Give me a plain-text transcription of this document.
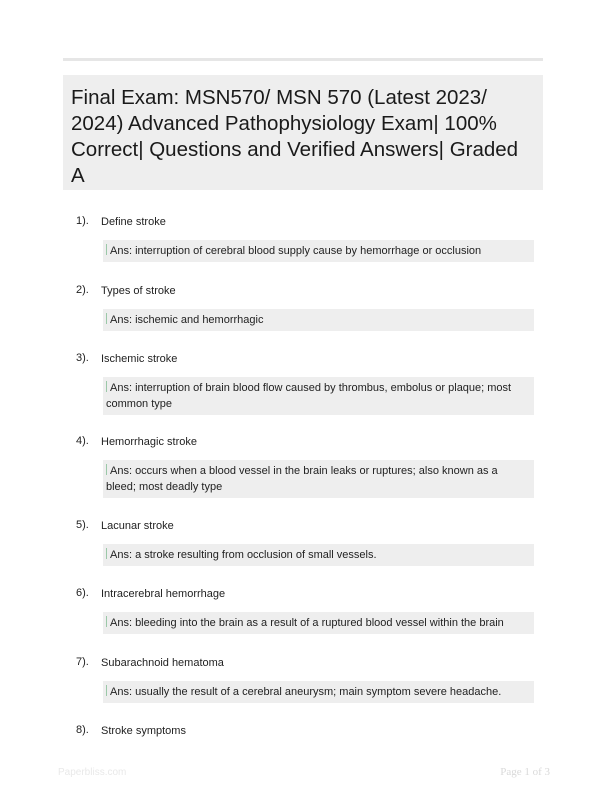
Final Exam: MSN570/ MSN 570 (Latest 2023/ 2024) Advanced Pathophysiology Exam| 100% Correct| Questions and Verified Answers| Graded A
1). Define stroke
Ans: interruption of cerebral blood supply cause by hemorrhage or occlusion
2). Types of stroke
Ans: ischemic and hemorrhagic
3). Ischemic stroke
Ans: interruption of brain blood flow caused by thrombus, embolus or plaque; most common type
4). Hemorrhagic stroke
Ans: occurs when a blood vessel in the brain leaks or ruptures; also known as a bleed; most deadly type
5). Lacunar stroke
Ans: a stroke resulting from occlusion of small vessels.
6). Intracerebral hemorrhage
Ans: bleeding into the brain as a result of a ruptured blood vessel within the brain
7). Subarachnoid hematoma
Ans: usually the result of a cerebral aneurysm; main symptom severe headache.
8). Stroke symptoms
Paperbliss.com	Page 1 of 3
